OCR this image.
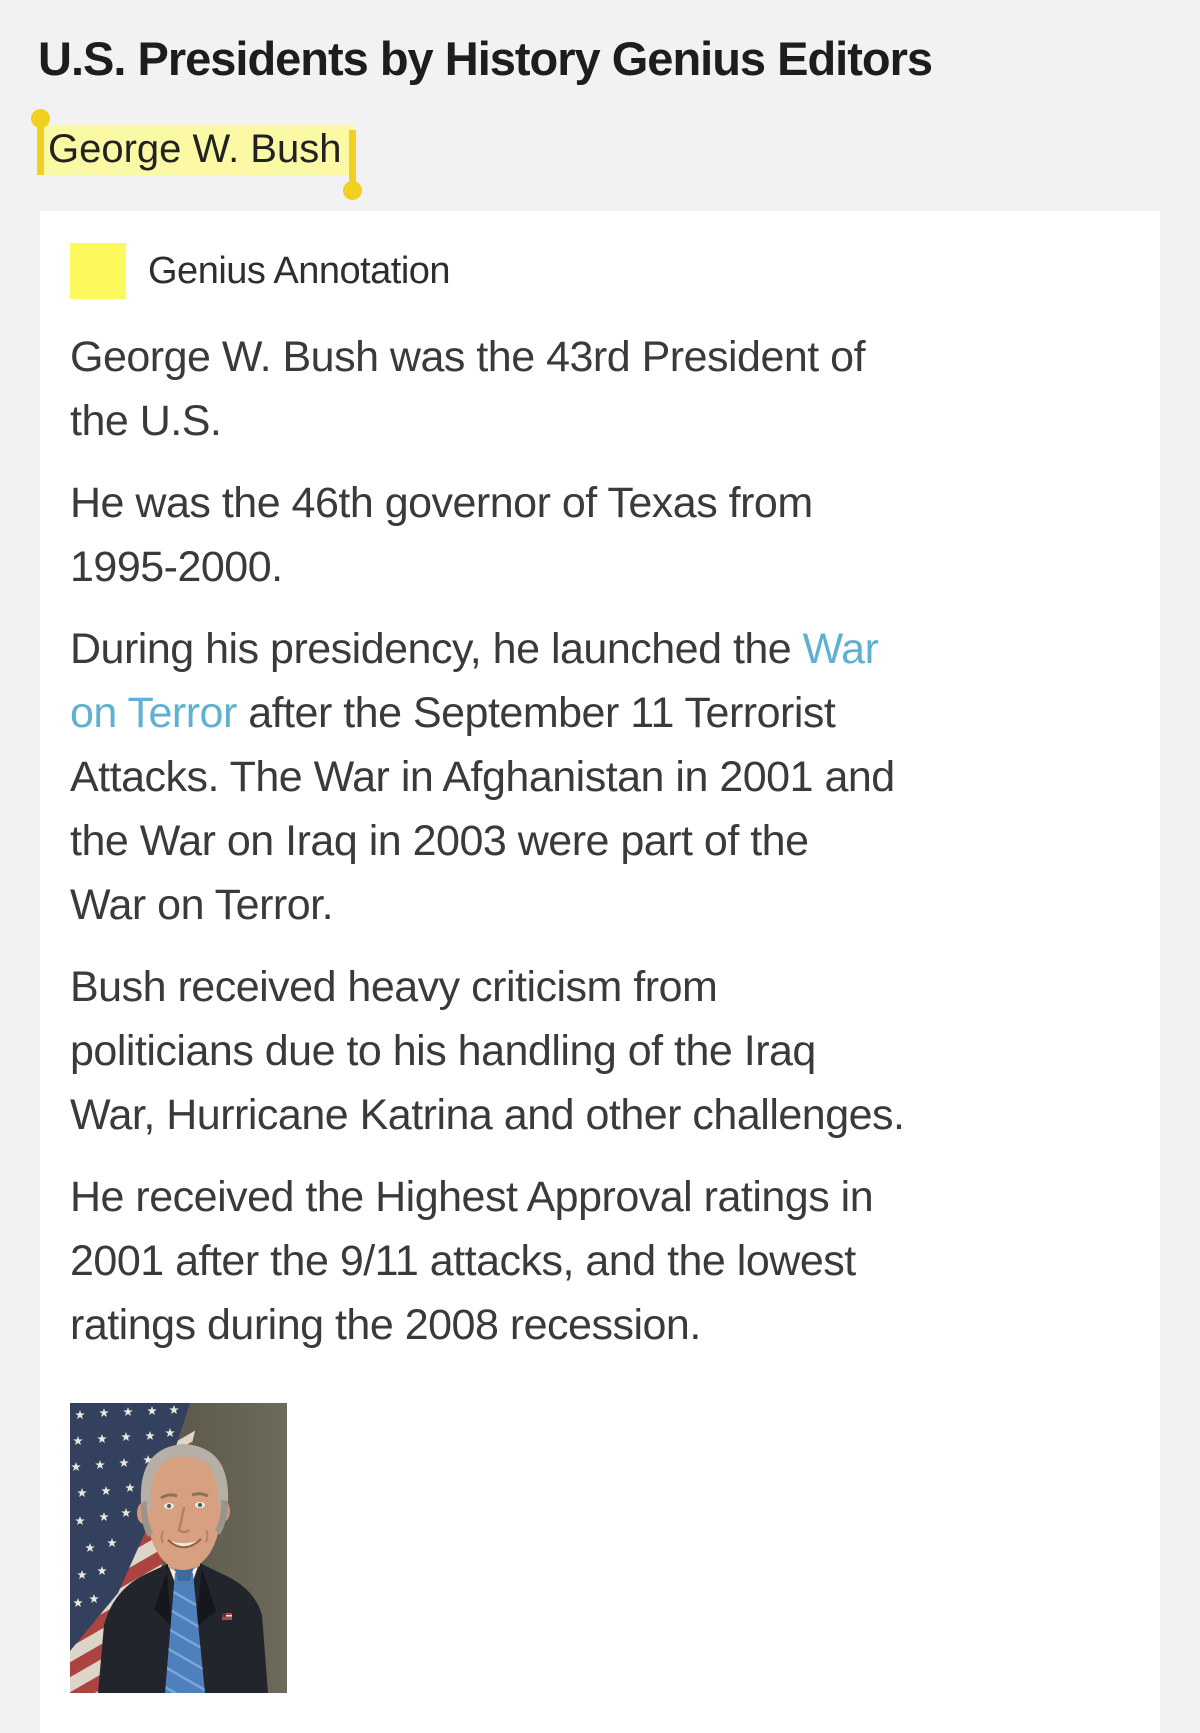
U.S. Presidents by History Genius Editors
George W. Bush
Genius Annotation

George W. Bush was the 43rd President of
the U.S.

He was the 46th governor of Texas from
1995-2000.

During his presidency, he launched the War
on Terror after the September 11 Terrorist
Attacks. The War in Afghanistan in 2001 and
the War on Iraq in 2003 were part of the
War on Terror.

Bush received heavy criticism from
politicians due to his handling of the Iraq
War, Hurricane Katrina and other challenges.

He received the Highest Approval ratings in
2001 after the 9/11 attacks, and the lowest
ratings during the 2008 recession.
